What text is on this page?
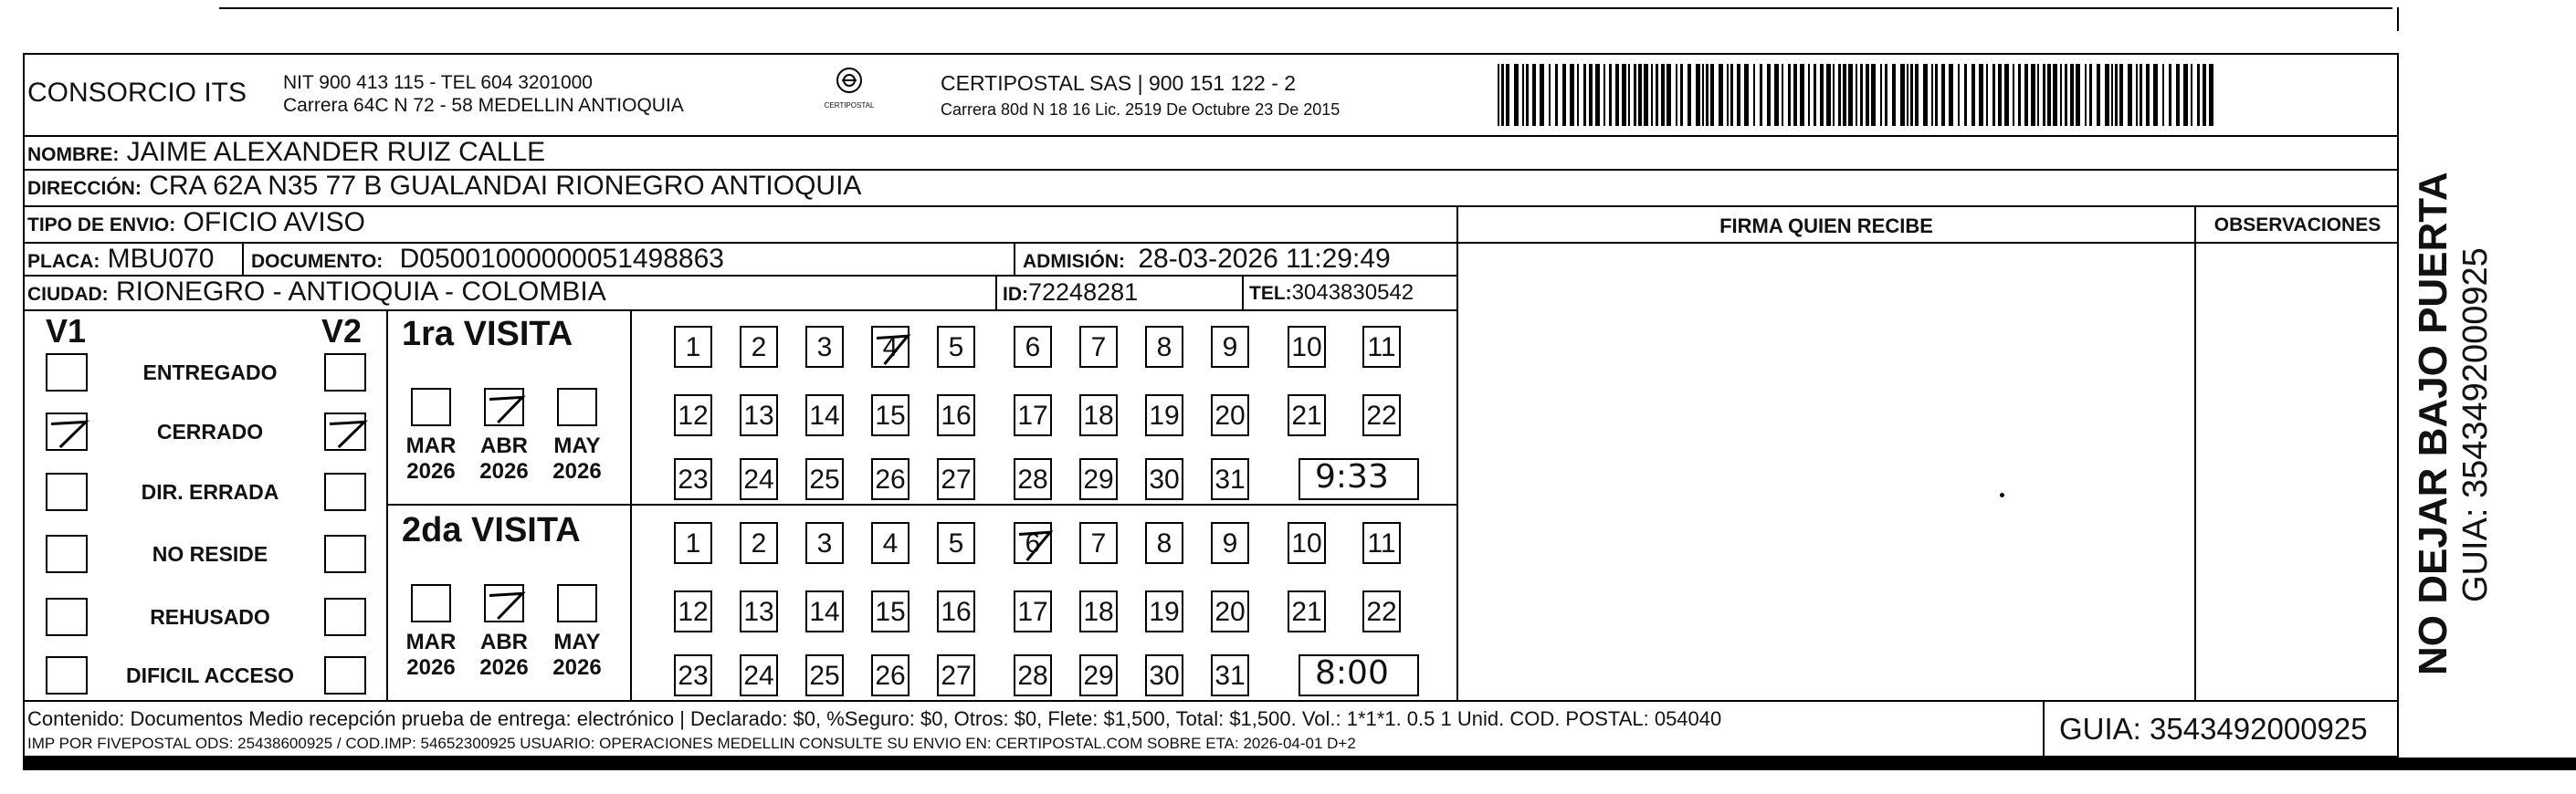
CONSORCIO ITS NIT 900 413 115 - TEL 604 3201000
Carrera 64C N 72 - 58 MEDELLIN ANTIOQUIA	CERTIPOSTAL
CERTIPOSTAL SAS | 900 151 122 - 2
Carrera 80d N 18 16 Lic. 2519 De Octubre 23 De 2015
NOMBRE: JAIME ALEXANDER RUIZ CALLE
DIRECCIÓN: CRA 62A N35 77 B GUALANDAI RIONEGRO ANTIOQUIA
TIPO DE ENVIO: OFICIO AVISO
PLACA: MBU070 DOCUMENTO: D05001000000051498863	ADMISIÓN: 28-03-2026 11:29:49
CIUDAD: RIONEGRO - ANTIOQUIA - COLOMBIA	ID:72248281	TEL:3043830542
FIRMA QUIEN RECIBE	OBSERVACIONES
V1	V2
ENTREGADO
CERRADO
DIR. ERRADA
NO RESIDE
REHUSADO
DIFICIL ACCESO
1ra VISITA
MAR
2026
ABR
2026
MAY
2026
1	2	3	4	5	6	7	8	9	10 11
12 13 14 15 16 17 18 19 20 21 22
23 24 25 26 27 28 29 30 31 9:33
2da VISITA
MAR
2026
ABR
2026
MAY
2026
1	2	3	4	5	6	7	8	9	10 11
12 13 14 15 16 17 18 19 20 21 22
23 24 25 26 27 28 29 30 31 8:00
Contenido: Documentos Medio recepción prueba de entrega: electrónico | Declarado: $0, %Seguro: $0, Otros: $0, Flete: $1,500, Total: $1,500. Vol.: 1*1*1. 0.5 1 Unid. COD. POSTAL: 054040
IMP POR FIVEPOSTAL ODS: 25438600925 / COD.IMP: 54652300925 USUARIO: OPERACIONES MEDELLIN CONSULTE SU ENVIO EN: CERTIPOSTAL.COM SOBRE ETA: 2026-04-01 D+2	GUIA: 3543492000925
NO DEJAR BAJO PUERTA GUIA: 3543492000925
